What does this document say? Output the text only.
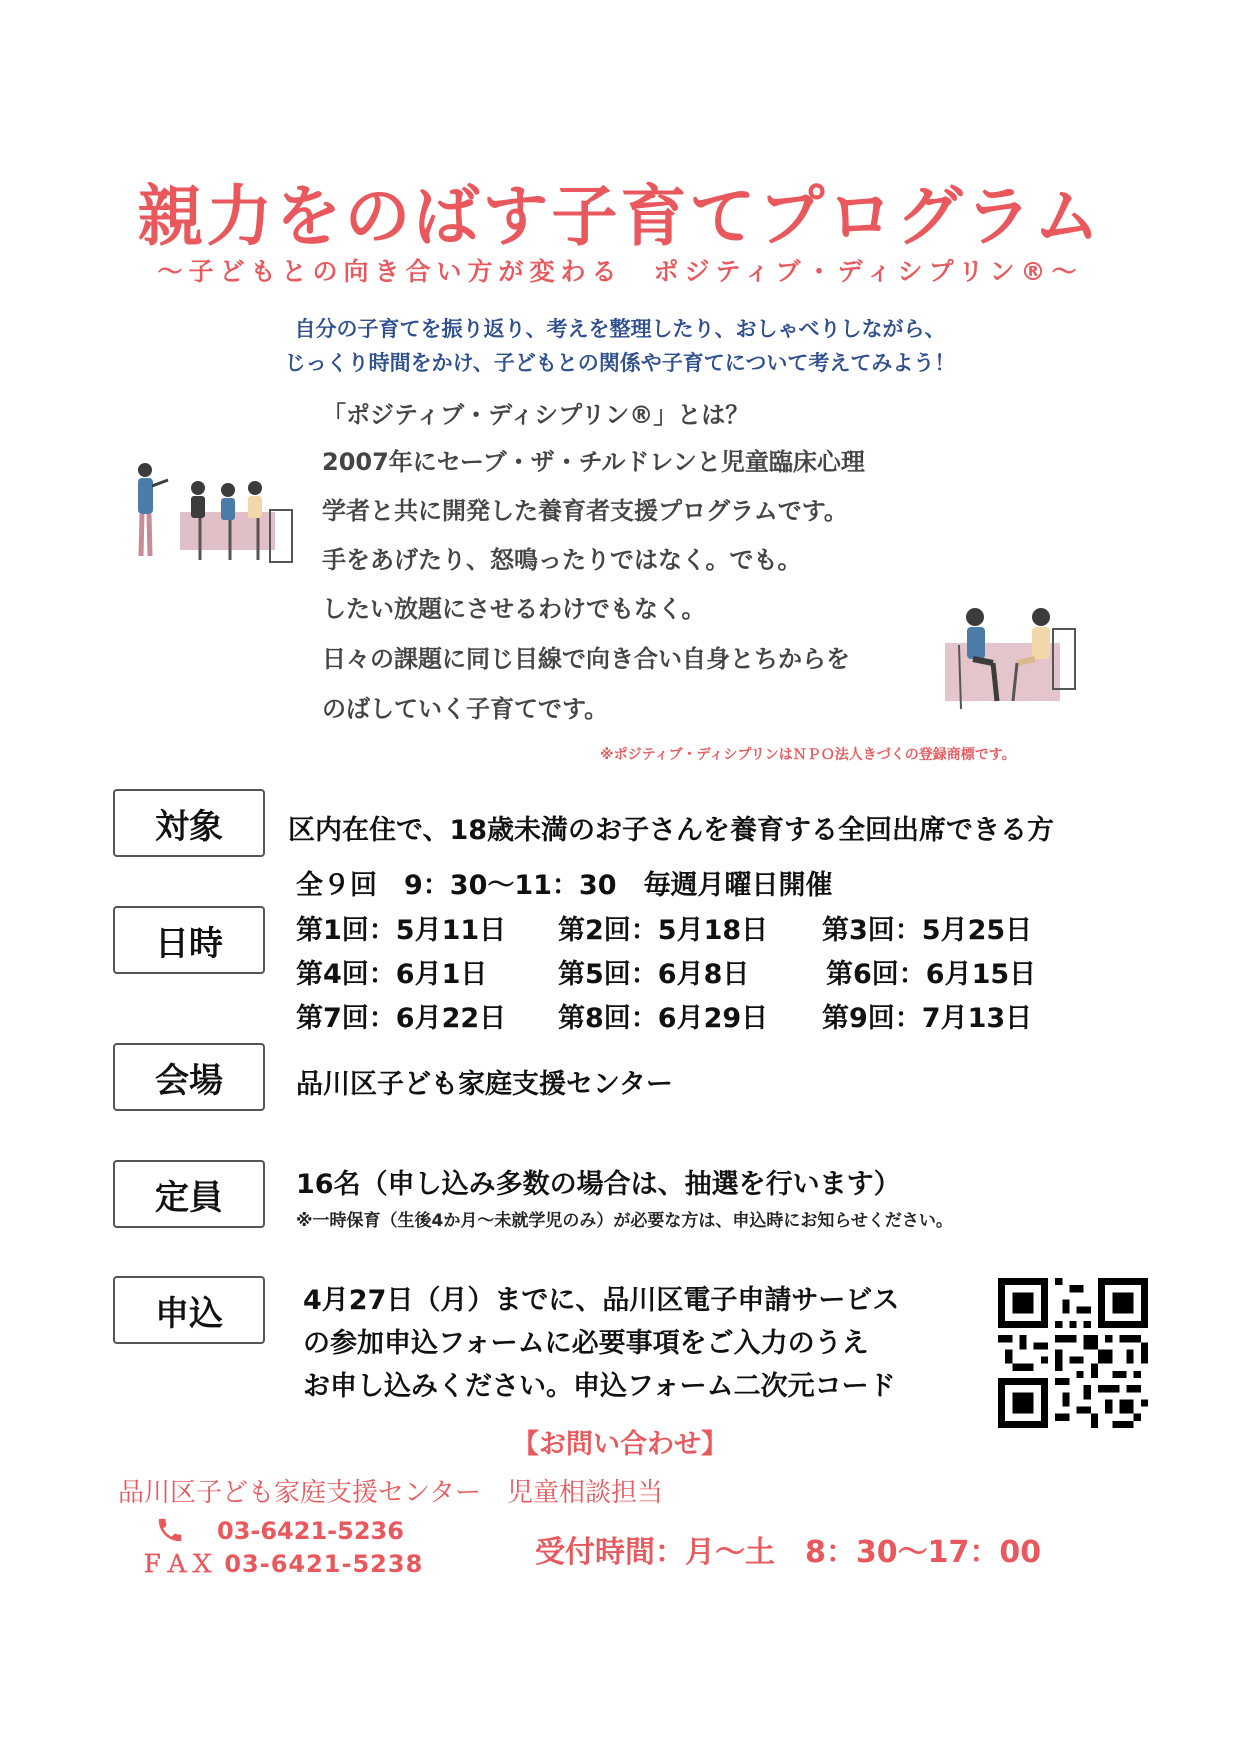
親力をのばす子育てプログラム
〜子どもとの向き合い方が変わる　ポジティブ・ディシプリン®〜
自分の子育てを振り返り、考えを整理したり、おしゃべりしながら、
じっくり時間をかけ、子どもとの関係や子育てについて考えてみよう！
「ポジティブ・ディシプリン®」とは？
2007年にセーブ・ザ・チルドレンと児童臨床心理
学者と共に開発した養育者支援プログラムです。
手をあげたり、怒鳴ったりではなく。でも。
したい放題にさせるわけでもなく。
日々の課題に同じ目線で向き合い自身とちからを
のばしていく子育てです。
※ポジティブ・ディシプリンはＮＰＯ法人きづくの登録商標です。
対象	区内在住で、18歳未満のお子さんを養育する全回出席できる方
全９回　9：30〜11：30　毎週月曜日開催
日時	第1回：5月11日 第2回：5月18日 第3回：5月25日
第4回：6月1日	第5回：6月8日	第6回：6月15日
第7回：6月22日 第8回：6月29日 第9回：7月13日
会場	品川区子ども家庭支援センター
定員	16名（申し込み多数の場合は、抽選を行います）
※一時保育（生後4か月〜未就学児のみ）が必要な方は、申込時にお知らせください。
申込	4月27日（月）までに、品川区電子申請サービス
の参加申込フォームに必要事項をご入力のうえ
お申し込みください。申込フォーム二次元コード
【お問い合わせ】
品川区子ども家庭支援センター　児童相談担当
03-6421-5236
ＦＡＸ 03-6421-5238	受付時間：月〜土　8：30〜17：00
